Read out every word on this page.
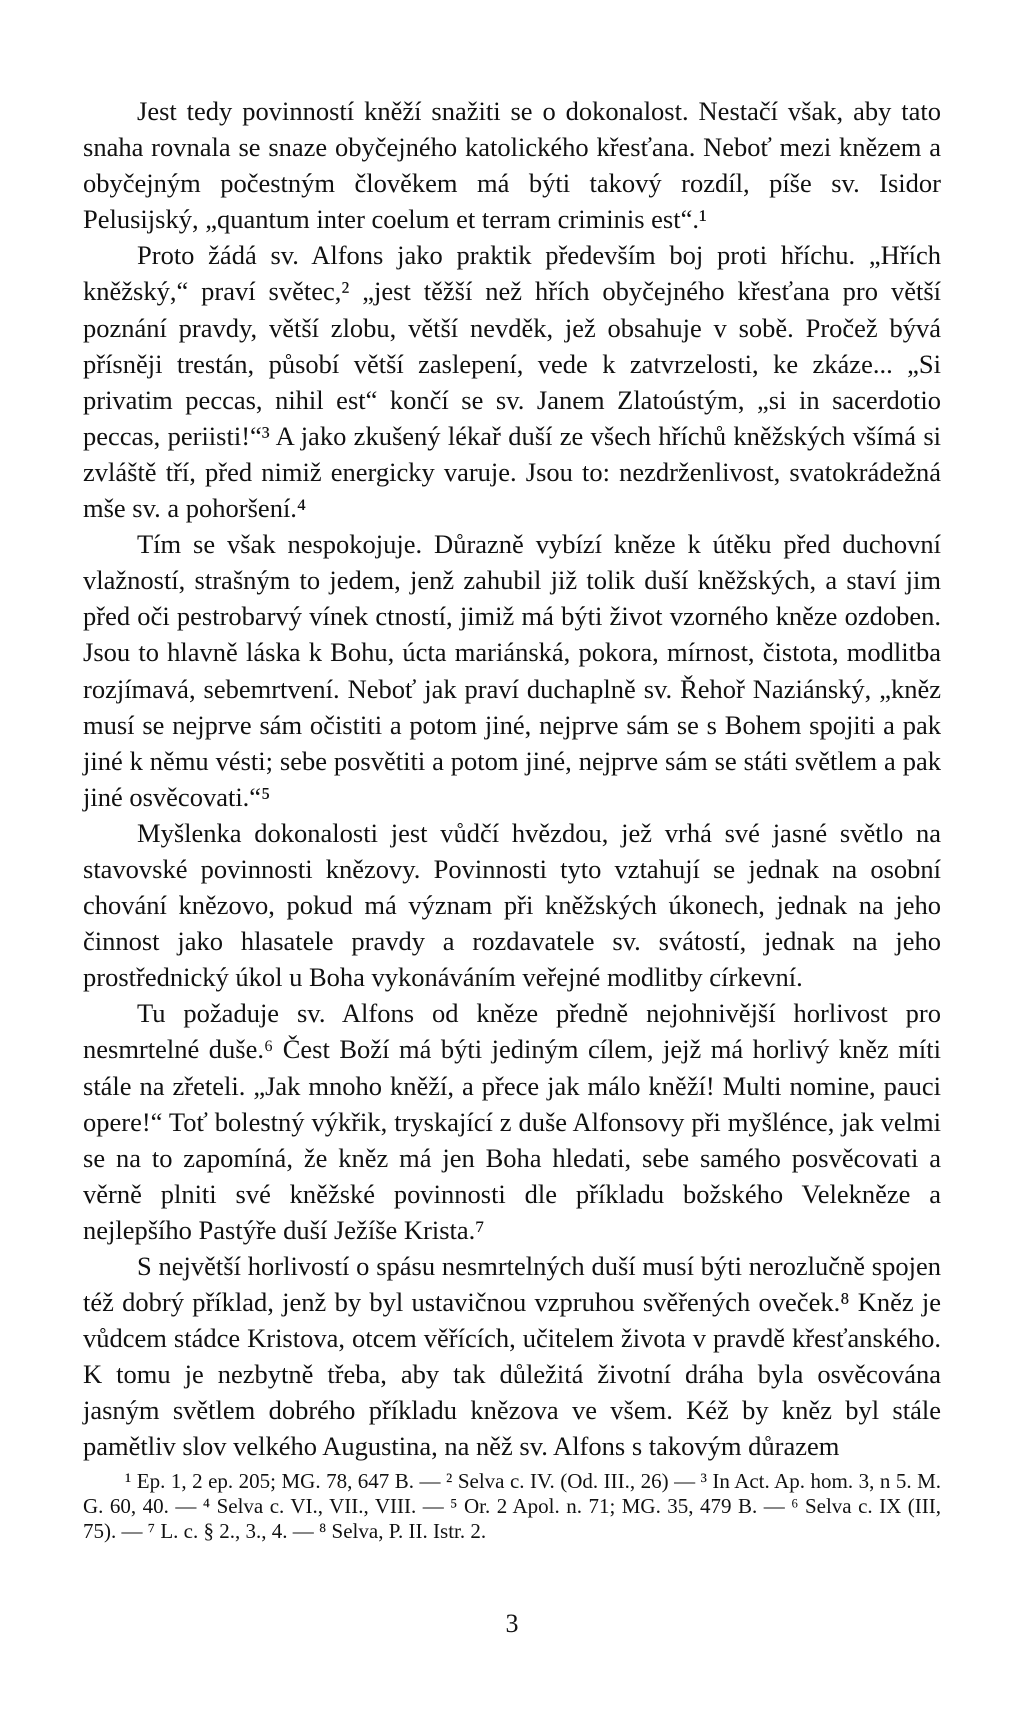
Jest tedy povinností kněží snažiti se o dokonalost. Nestačí však, aby tato snaha rovnala se snaze obyčejného katolického křesťana. Neboť mezi knězem a obyčejným počestným člověkem má býti takový rozdíl, píše sv. Isidor Pelusijský, „quantum inter coelum et terram criminis est“.¹

Proto žádá sv. Alfons jako praktik především boj proti hříchu. „Hřích kněžský,“ praví světec,² „jest těžší než hřích obyčejného křesťana pro větší poznání pravdy, větší zlobu, větší nevděk, jež obsahuje v sobě. Pročež bývá přísněji trestán, působí větší zaslepení, vede k zatvrzelosti, ke zkáze... „Si privatim peccas, nihil est“ končí se sv. Janem Zlatoústým, „si in sacerdotio peccas, periisti!“³ A jako zkušený lékař duší ze všech hříchů kněžských všímá si zvláště tří, před nimiž energicky varuje. Jsou to: nezdrženlivost, svatokrádežná mše sv. a pohoršení.⁴

Tím se však nespokojuje. Důrazně vybízí kněze k útěku před duchovní vlažností, strašným to jedem, jenž zahubil již tolik duší kněžských, a staví jim před oči pestrobarvý vínek ctností, jimiž má býti život vzorného kněze ozdoben. Jsou to hlavně láska k Bohu, úcta mariánská, pokora, mírnost, čistota, modlitba rozjímavá, sebemrtvení. Neboť jak praví duchaplně sv. Řehoř Naziánský, „kněz musí se nejprve sám očistiti a potom jiné, nejprve sám se s Bohem spojiti a pak jiné k němu vésti; sebe posvětiti a potom jiné, nejprve sám se státi světlem a pak jiné osvěcovati.“⁵

Myšlenka dokonalosti jest vůdčí hvězdou, jež vrhá své jasné světlo na stavovské povinnosti knězovy. Povinnosti tyto vztahují se jednak na osobní chování knězovo, pokud má význam při kněžských úkonech, jednak na jeho činnost jako hlasatele pravdy a rozdavatele sv. svátostí, jednak na jeho prostřednický úkol u Boha vykonáváním veřejné modlitby církevní.

Tu požaduje sv. Alfons od kněze předně nejohnivější horlivost pro nesmrtelné duše.⁶ Čest Boží má býti jediným cílem, jejž má horlivý kněz míti stále na zřeteli. „Jak mnoho kněží, a přece jak málo kněží! Multi nomine, pauci opere!“ Toť bolestný výkřik, tryskající z duše Alfonsovy při myšlénce, jak velmi se na to zapomíná, že kněz má jen Boha hledati, sebe samého posvěcovati a věrně plniti své kněžské povinnosti dle příkladu božského Velekněze a nejlepšího Pastýře duší Ježíše Krista.⁷

S největší horlivostí o spásu nesmrtelných duší musí býti nerozlučně spojen též dobrý příklad, jenž by byl ustavičnou vzpruhou svěřených oveček.⁸ Kněz je vůdcem stádce Kristova, otcem věřících, učitelem života v pravdě křesťanského. K tomu je nezbytně třeba, aby tak důležitá životní dráha byla osvěcována jasným světlem dobrého příkladu knězova ve všem. Kéž by kněz byl stále pamětliv slov velkého Augustina, na něž sv. Alfons s takovým důrazem

¹ Ep. 1, 2 ep. 205; MG. 78, 647 B. — ² Selva c. IV. (Od. III., 26) — ³ In Act. Ap. hom. 3, n 5. M. G. 60, 40. — ⁴ Selva c. VI., VII., VIII. — ⁵ Or. 2 Apol. n. 71; MG. 35, 479 B. — ⁶ Selva c. IX (III, 75). — ⁷ L. c. § 2., 3., 4. — ⁸ Selva, P. II. Istr. 2.

3
